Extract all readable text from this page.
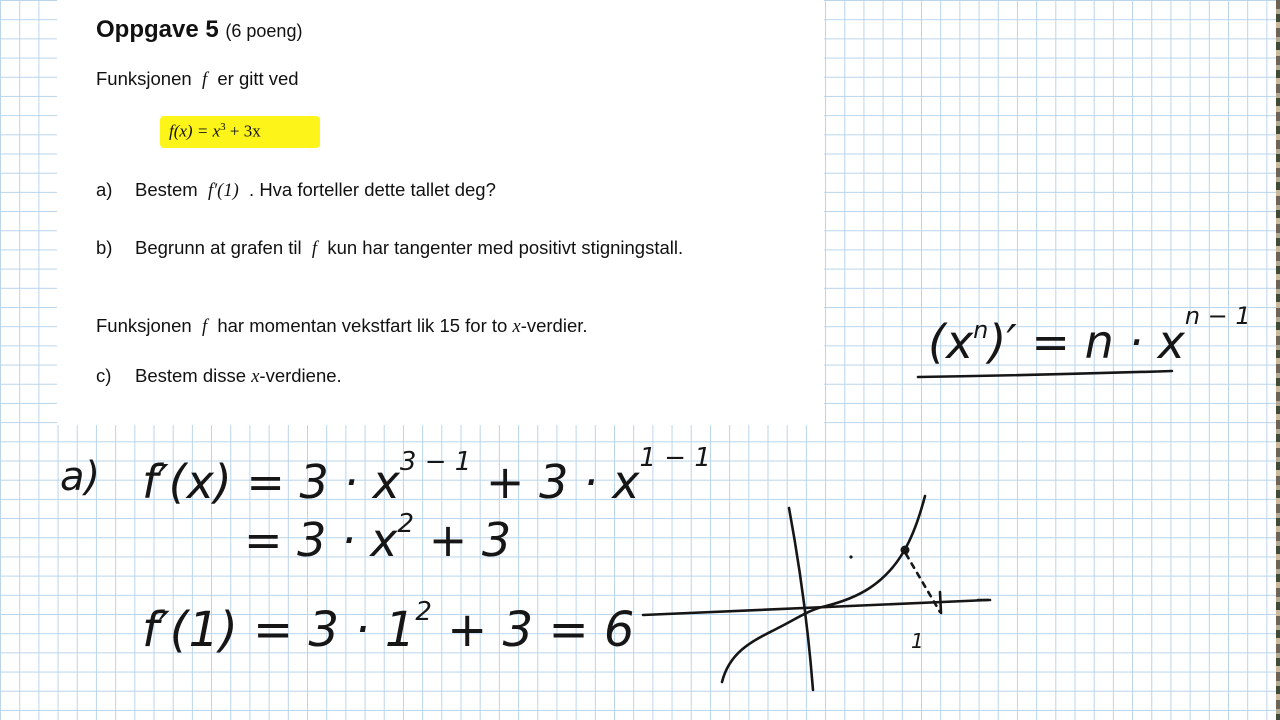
Oppgave 5 (6 poeng)
Funksjonen f er gitt ved
$f(x) = x^3 + 3x$
a) Bestem f′(1) . Hva forteller dette tallet deg?
b) Begrunn at grafen til f kun har tangenter med positivt stigningstall.
Funksjonen f har momentan vekstfart lik 15 for to x-verdier.
c) Bestem disse x-verdiene.
$(x^n)' = n \cdot x^{n - 1}$
a) $f'(x) = 3 \cdot x^{3 - 1} + 3 \cdot x^{1 - 1}$
= $3 \cdot x^2 + 3$
$f'(1) = 3 \cdot 1^2 + 3 = 6$	1
